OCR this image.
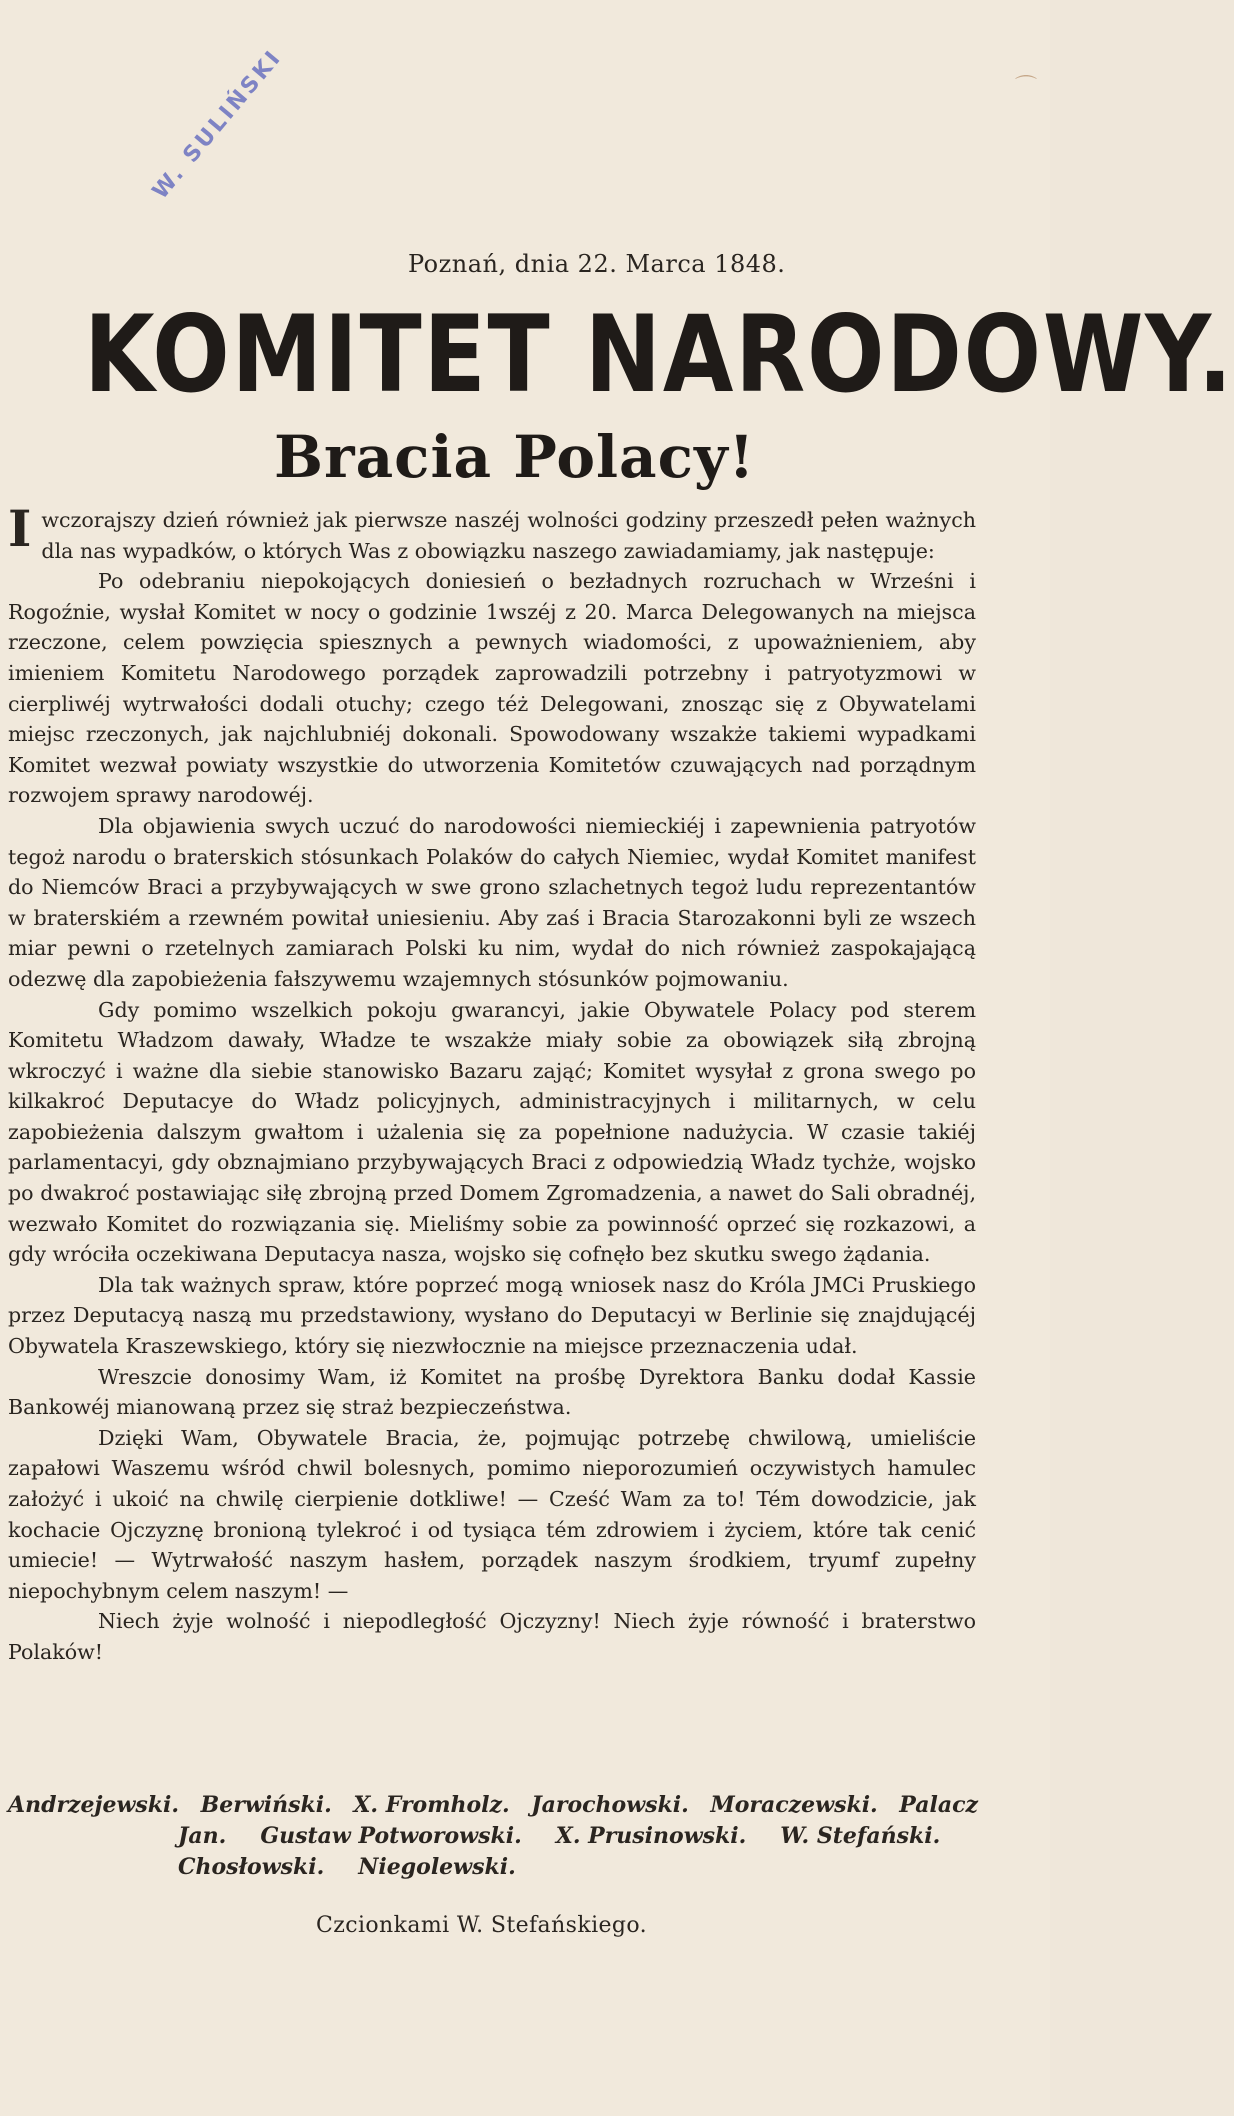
⌒
W. SULIŃSKI
Poznań, dnia 22. Marca 1848.
KOMITET NARODOWY.
Bracia Polacy!

I wczorajszy dzień również jak pierwsze naszéj wolności godziny przeszedł pełen ważnych dla nas wypadków, o których Was z obowiązku naszego zawiadamiamy, jak następuje:

Po odebraniu niepokojących doniesień o bezładnych rozruchach w Wrześni i Rogoźnie, wysłał Komitet w nocy o godzinie 1wszéj z 20. Marca Delegowanych na miejsca rzeczone, celem powzięcia spiesznych a pewnych wiadomości, z upoważnieniem, aby imieniem Komitetu Narodowego porządek zaprowadzili potrzebny i patryotyzmowi w cierpliwéj wytrwałości dodali otuchy; czego téż Delegowani, znosząc się z Obywatelami miejsc rzeczonych, jak najchlubniéj dokonali. Spowodowany wszakże takiemi wypadkami Komitet wezwał powiaty wszystkie do utworzenia Komitetów czuwających nad porządnym rozwojem sprawy narodowéj.

Dla objawienia swych uczuć do narodowości niemieckiéj i zapewnienia patryotów tegoż narodu o braterskich stósunkach Polaków do całych Niemiec, wydał Komitet manifest do Niemców Braci a przybywających w swe grono szlachetnych tegoż ludu reprezentantów w braterskiém a rzewném powitał uniesieniu. Aby zaś i Bracia Starozakonni byli ze wszech miar pewni o rzetelnych zamiarach Polski ku nim, wydał do nich również zaspokajającą odezwę dla zapobieżenia fałszywemu wzajemnych stósunków pojmowaniu.

Gdy pomimo wszelkich pokoju gwarancyi, jakie Obywatele Polacy pod sterem Komitetu Władzom dawały, Władze te wszakże miały sobie za obowiązek siłą zbrojną wkroczyć i ważne dla siebie stanowisko Bazaru zająć; Komitet wysyłał z grona swego po kilkakroć Deputacye do Władz policyjnych, administracyjnych i militarnych, w celu zapobieżenia dalszym gwałtom i użalenia się za popełnione nadużycia. W czasie takiéj parlamentacyi, gdy obznajmiano przybywających Braci z odpowiedzią Władz tychże, wojsko po dwakroć postawiając siłę zbrojną przed Domem Zgromadzenia, a nawet do Sali obradnéj, wezwało Komitet do rozwiązania się. Mieliśmy sobie za powinność oprzeć się rozkazowi, a gdy wróciła oczekiwana Deputacya nasza, wojsko się cofnęło bez skutku swego żądania.

Dla tak ważnych spraw, które poprzeć mogą wniosek nasz do Króla JMCi Pruskiego przez Deputacyą naszą mu przedstawiony, wysłano do Deputacyi w Berlinie się znajdującéj Obywatela Kraszewskiego, który się niezwłocznie na miejsce przeznaczenia udał.

Wreszcie donosimy Wam, iż Komitet na prośbę Dyrektora Banku dodał Kassie Bankowéj mianowaną przez się straż bezpieczeństwa.

Dzięki Wam, Obywatele Bracia, że, pojmując potrzebę chwilową, umieliście zapałowi Waszemu wśród chwil bolesnych, pomimo nieporozumień oczywistych hamulec założyć i ukoić na chwilę cierpienie dotkliwe! — Cześć Wam za to! Tém dowodzicie, jak kochacie Ojczyznę bronioną tylekroć i od tysiąca tém zdrowiem i życiem, które tak cenić umiecie! — Wytrwałość naszym hasłem, porządek naszym środkiem, tryumf zupełny niepochybnym celem naszym! —

Niech żyje wolność i niepodległość Ojczyzny! Niech żyje równość i braterstwo Polaków!

Andrzejewski. Berwiński. X. Fromholz. Jarochowski. Moraczewski. Palacz
Jan. Gustaw Potworowski. X. Prusinowski. W. Stefański.
Chosłowski. Niegolewski.
Czcionkami W. Stefańskiego.
